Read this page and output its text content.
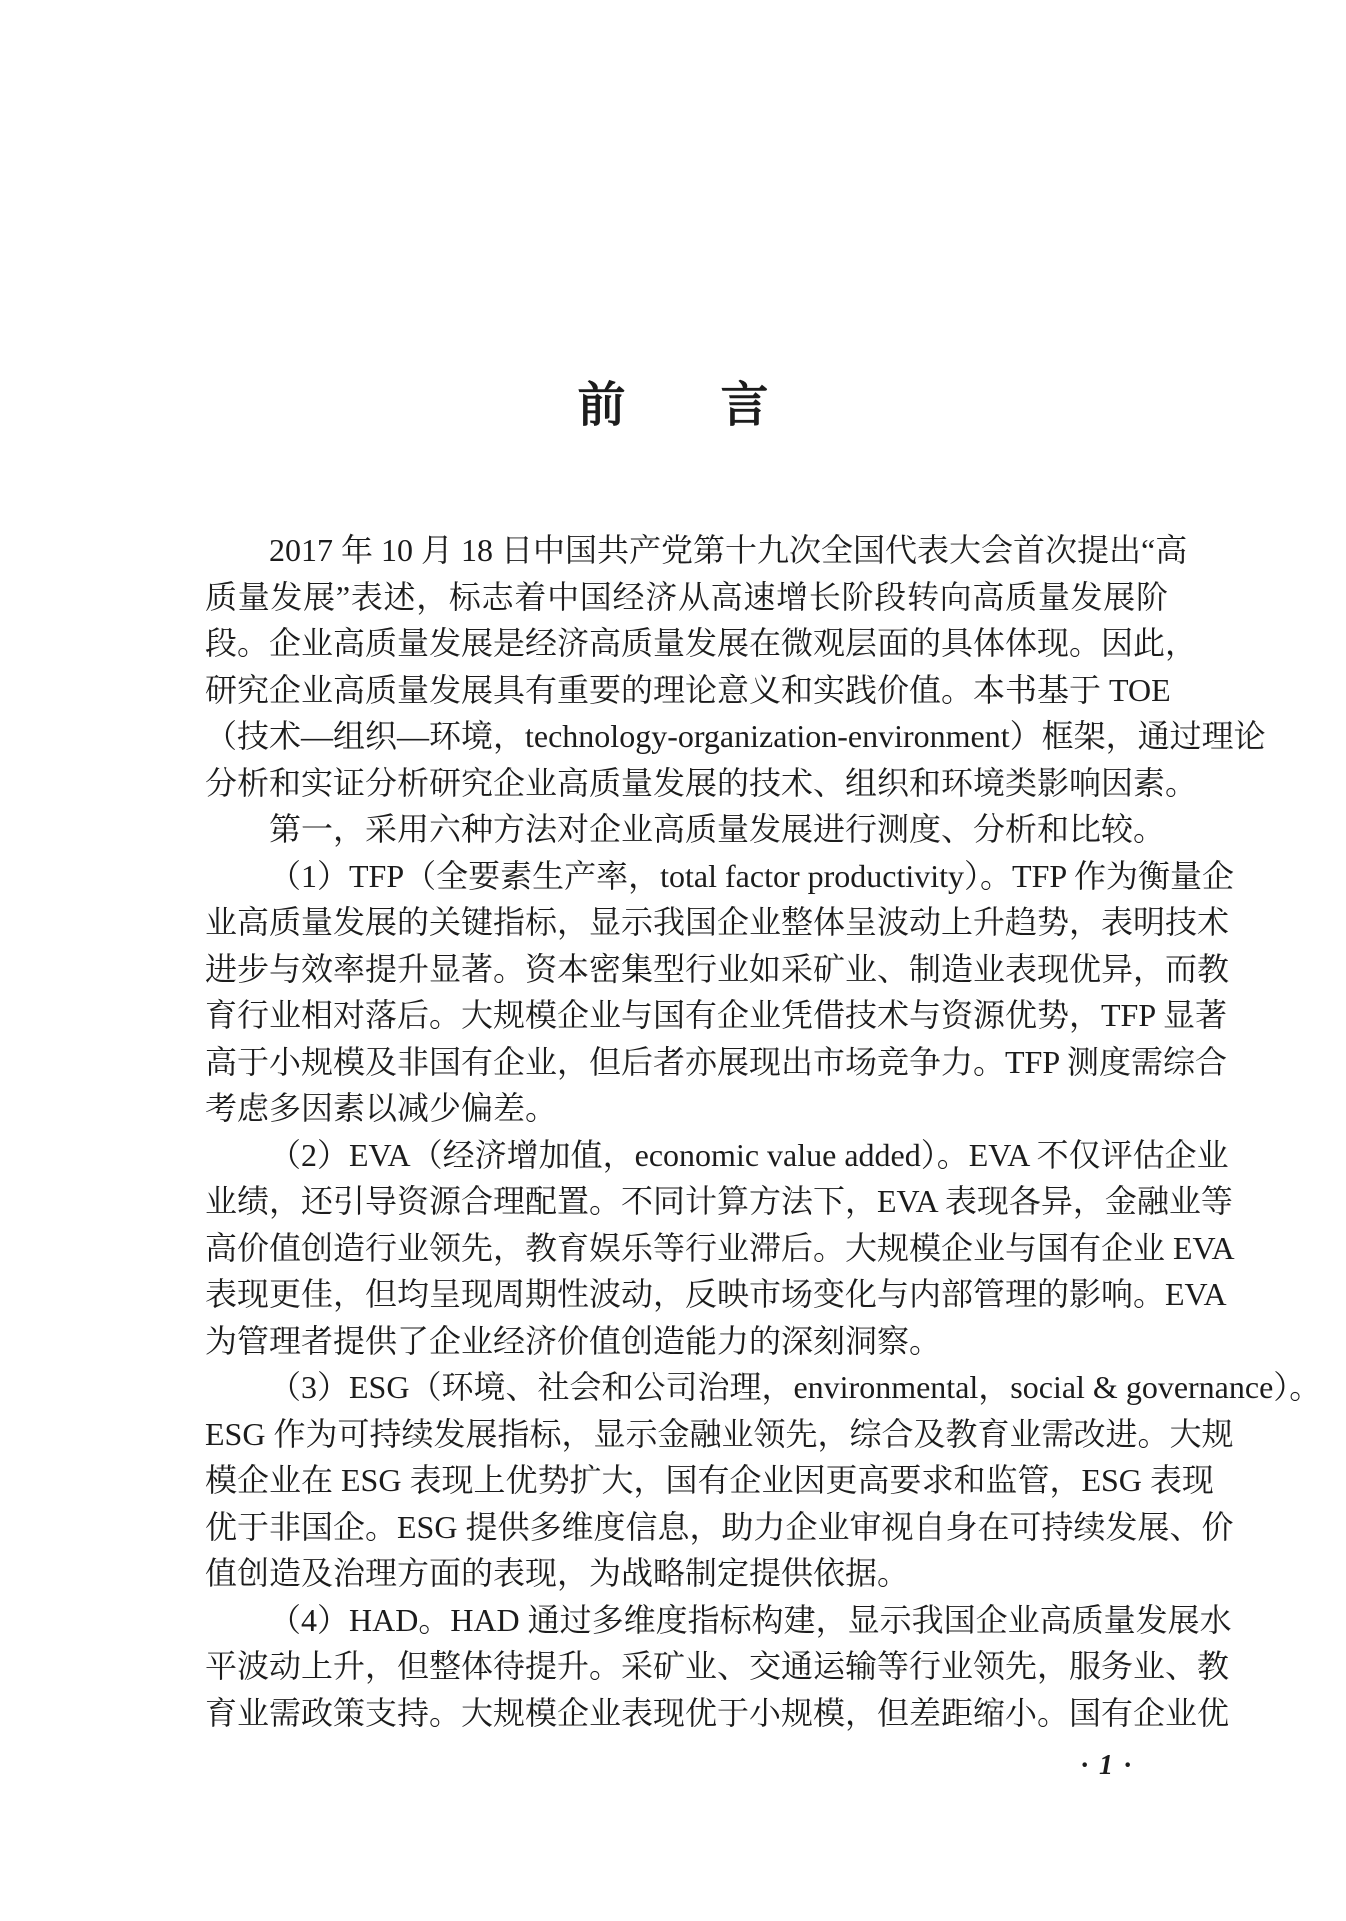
前 言
2017 年 10 月 18 日中国共产党第十九次全国代表大会首次提出“高
质量发展”表述，标志着中国经济从高速增长阶段转向高质量发展阶
段。企业高质量发展是经济高质量发展在微观层面的具体体现。因此，
研究企业高质量发展具有重要的理论意义和实践价值。本书基于 TOE
（技术—组织—环境，technology-organization-environment）框架，通过理论
分析和实证分析研究企业高质量发展的技术、组织和环境类影响因素。
第一，采用六种方法对企业高质量发展进行测度、分析和比较。
（1）TFP（全要素生产率，total factor productivity）。TFP 作为衡量企
业高质量发展的关键指标，显示我国企业整体呈波动上升趋势，表明技术
进步与效率提升显著。资本密集型行业如采矿业、制造业表现优异，而教
育行业相对落后。大规模企业与国有企业凭借技术与资源优势，TFP 显著
高于小规模及非国有企业，但后者亦展现出市场竞争力。TFP 测度需综合
考虑多因素以减少偏差。
（2）EVA（经济增加值，economic value added）。EVA 不仅评估企业
业绩，还引导资源合理配置。不同计算方法下，EVA 表现各异，金融业等
高价值创造行业领先，教育娱乐等行业滞后。大规模企业与国有企业 EVA
表现更佳，但均呈现周期性波动，反映市场变化与内部管理的影响。EVA
为管理者提供了企业经济价值创造能力的深刻洞察。
（3）ESG（环境、社会和公司治理，environmental，social & governance）。
ESG 作为可持续发展指标，显示金融业领先，综合及教育业需改进。大规
模企业在 ESG 表现上优势扩大，国有企业因更高要求和监管，ESG 表现
优于非国企。ESG 提供多维度信息，助力企业审视自身在可持续发展、价
值创造及治理方面的表现，为战略制定提供依据。
（4）HAD。HAD 通过多维度指标构建，显示我国企业高质量发展水
平波动上升，但整体待提升。采矿业、交通运输等行业领先，服务业、教
育业需政策支持。大规模企业表现优于小规模，但差距缩小。国有企业优
· 1 ·
